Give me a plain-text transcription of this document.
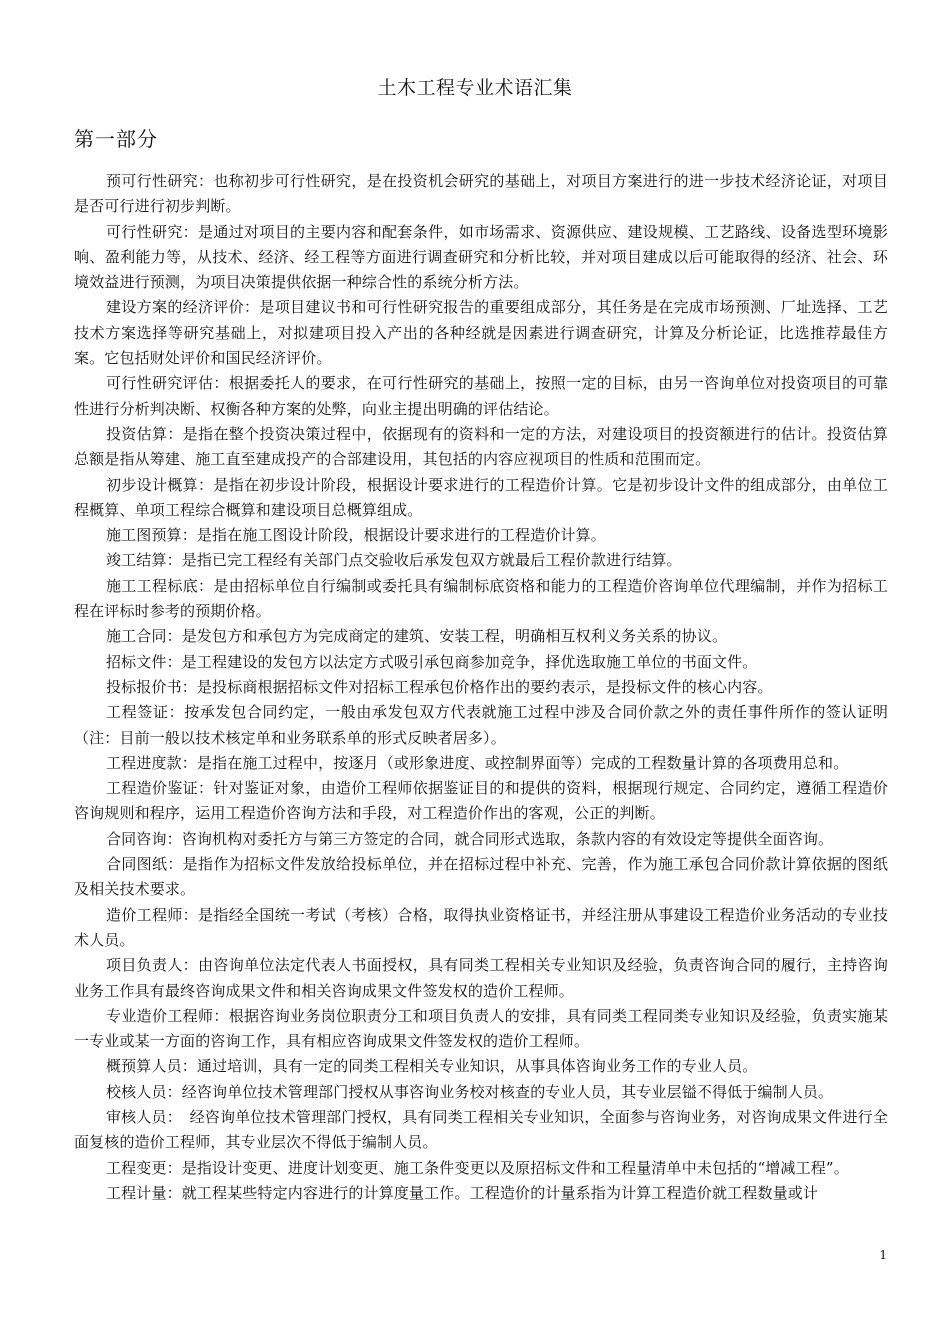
土木工程专业术语汇集
第一部分

预可行性研究：也称初步可行性研究，是在投资机会研究的基础上，对项目方案进行的进一步技术经济论证，对项目是否可行进行初步判断。

可行性研究：是通过对项目的主要内容和配套条件，如市场需求、资源供应、建设规模、工艺路线、设备选型环境影响、盈利能力等，从技术、经济、经工程等方面进行调查研究和分析比较，并对项目建成以后可能取得的经济、社会、环境效益进行预测，为项目决策提供依据一种综合性的系统分析方法。

建设方案的经济评价：是项目建议书和可行性研究报告的重要组成部分，其任务是在完成市场预测、厂址选择、工艺技术方案选择等研究基础上，对拟建项目投入产出的各种经就是因素进行调查研究，计算及分析论证，比选推荐最佳方案。它包括财处评价和国民经济评价。

可行性研究评估：根据委托人的要求，在可行性研究的基础上，按照一定的目标，由另一咨询单位对投资项目的可靠性进行分析判决断、权衡各种方案的处弊，向业主提出明确的评估结论。

投资估算：是指在整个投资决策过程中，依据现有的资料和一定的方法，对建设项目的投资额进行的估计。投资估算总额是指从筹建、施工直至建成投产的合部建设用，其包括的内容应视项目的性质和范围而定。

初步设计概算：是指在初步设计阶段，根据设计要求进行的工程造价计算。它是初步设计文件的组成部分，由单位工程概算、单项工程综合概算和建设项目总概算组成。

施工图预算：是指在施工图设计阶段，根据设计要求进行的工程造价计算。

竣工结算：是指已完工程经有关部门点交验收后承发包双方就最后工程价款进行结算。

施工工程标底：是由招标单位自行编制或委托具有编制标底资格和能力的工程造价咨询单位代理编制，并作为招标工程在评标时参考的预期价格。

施工合同：是发包方和承包方为完成商定的建筑、安装工程，明确相互权利义务关系的协议。

招标文件：是工程建设的发包方以法定方式吸引承包商参加竞争，择优选取施工单位的书面文件。

投标报价书：是投标商根据招标文件对招标工程承包价格作出的要约表示，是投标文件的核心内容。

工程签证：按承发包合同约定，一般由承发包双方代表就施工过程中涉及合同价款之外的责任事件所作的签认证明（注：目前一般以技术核定单和业务联系单的形式反映者居多）。

工程进度款：是指在施工过程中，按逐月（或形象进度、或控制界面等）完成的工程数量计算的各项费用总和。

工程造价鉴证：针对鉴证对象，由造价工程师依据鉴证目的和提供的资料，根据现行规定、合同约定，遵循工程造价咨询规则和程序，运用工程造价咨询方法和手段，对工程造价作出的客观，公正的判断。

合同咨询：咨询机构对委托方与第三方签定的合同，就合同形式选取，条款内容的有效设定等提供全面咨询。

合同图纸：是指作为招标文件发放给投标单位，并在招标过程中补充、完善，作为施工承包合同价款计算依据的图纸及相关技术要求。

造价工程师：是指经全国统一考试（考核）合格，取得执业资格证书，并经注册从事建设工程造价业务活动的专业技术人员。

项目负责人：由咨询单位法定代表人书面授权，具有同类工程相关专业知识及经验，负责咨询合同的履行，主持咨询业务工作具有最终咨询成果文件和相关咨询成果文件签发权的造价工程师。

专业造价工程师：根据咨询业务岗位职责分工和项目负责人的安排，具有同类工程同类专业知识及经验，负责实施某一专业或某一方面的咨询工作，具有相应咨询成果文件签发权的造价工程师。

概预算人员：通过培训，具有一定的同类工程相关专业知识，从事具体咨询业务工作的专业人员。

校核人员：经咨询单位技术管理部门授权从事咨询业务校对核查的专业人员，其专业层镒不得低于编制人员。

审核人员：　经咨询单位技术管理部门授权，具有同类工程相关专业知识，全面参与咨询业务，对咨询成果文件进行全面复核的造价工程师，其专业层次不得低于编制人员。

工程变更：是指设计变更、进度计划变更、施工条件变更以及原招标文件和工程量清单中未包括的“增减工程”。

工程计量：就工程某些特定内容进行的计算度量工作。工程造价的计量系指为计算工程造价就工程数量或计

1
